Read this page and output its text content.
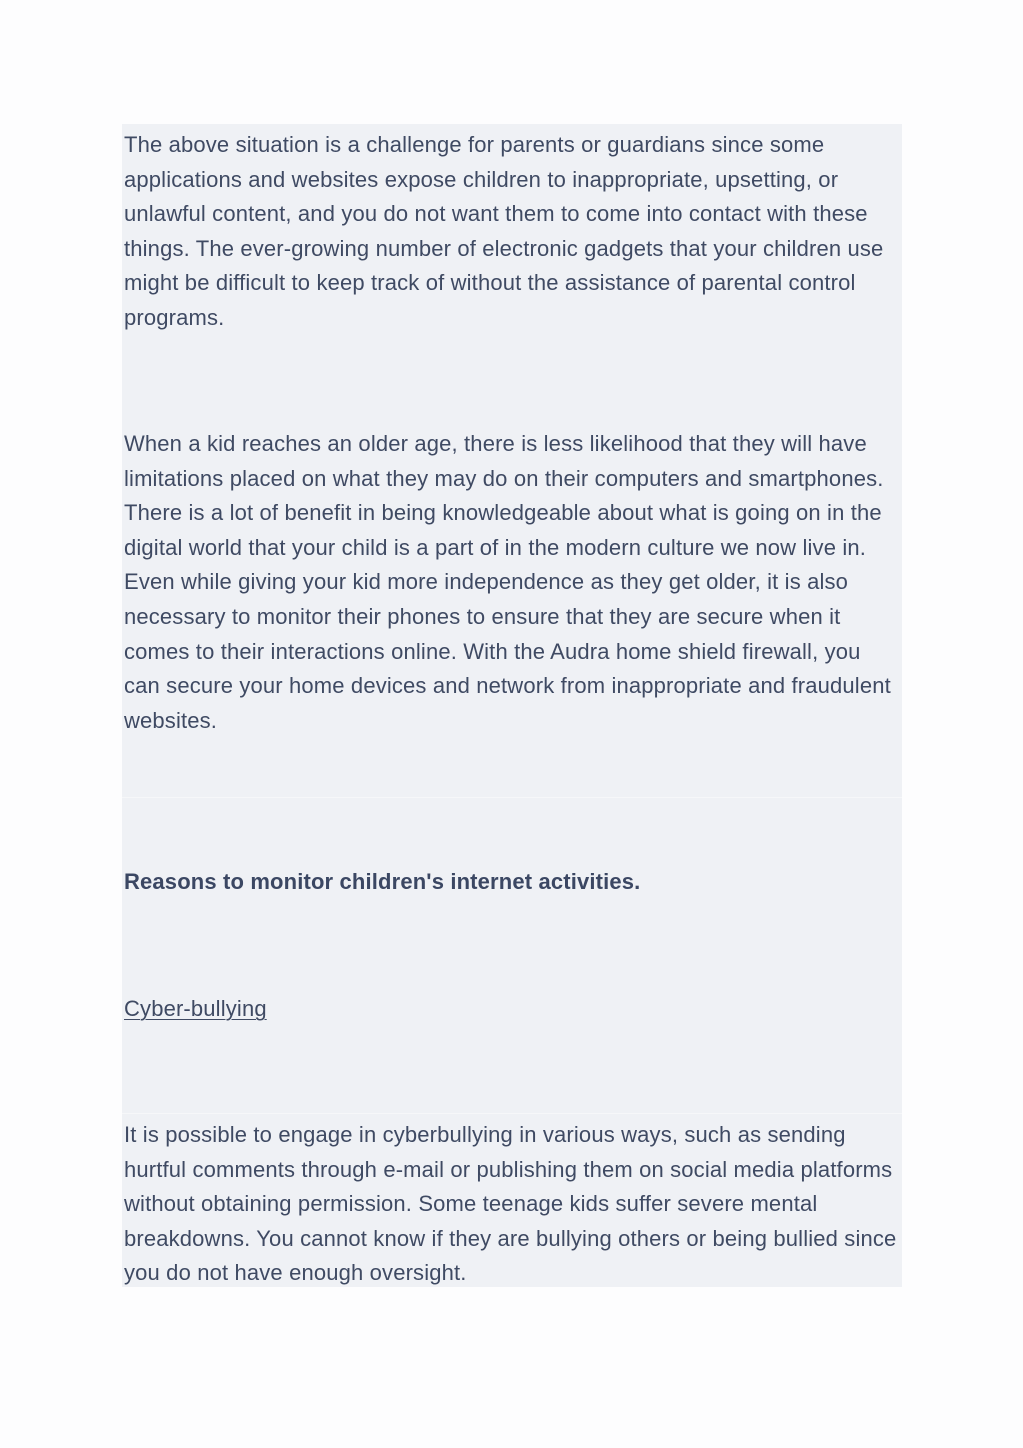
The above situation is a challenge for parents or guardians since some applications and websites expose children to inappropriate, upsetting, or unlawful content, and you do not want them to come into contact with these things. The ever-growing number of electronic gadgets that your children use might be difficult to keep track of without the assistance of parental control programs.

When a kid reaches an older age, there is less likelihood that they will have limitations placed on what they may do on their computers and smartphones. There is a lot of benefit in being knowledgeable about what is going on in the digital world that your child is a part of in the modern culture we now live in. Even while giving your kid more independence as they get older, it is also necessary to monitor their phones to ensure that they are secure when it comes to their interactions online. With the Audra home shield firewall, you can secure your home devices and network from inappropriate and fraudulent websites.

Reasons to monitor children's internet activities.

Cyber-bullying

It is possible to engage in cyberbullying in various ways, such as sending hurtful comments through e-mail or publishing them on social media platforms without obtaining permission. Some teenage kids suffer severe mental breakdowns. You cannot know if they are bullying others or being bullied since you do not have enough oversight.
